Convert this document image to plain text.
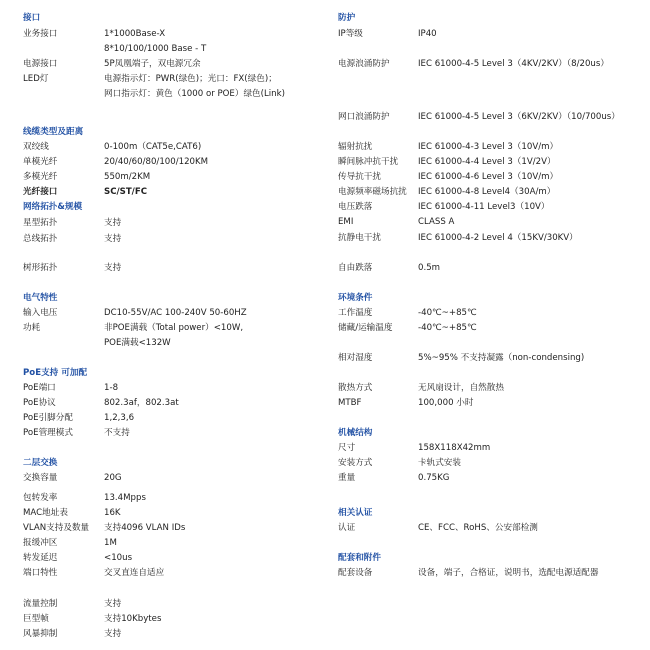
接口
业务接口	1*1000Base-X
8*10/100/1000 Base - T
电源接口	5P凤凰端子，双电源冗余
LED灯	电源指示灯：PWR(绿色)；光口：FX(绿色)；
网口指示灯：黄色（1000 or POE）绿色(Link)
线缆类型及距离
双绞线	0-100m（CAT5e,CAT6)
单模光纤	20/40/60/80/100/120KM
多模光纤	550m/2KM
光纤接口	SC/ST/FC
网络拓扑&规模
星型拓扑	支持
总线拓扑	支持
树形拓扑	支持
电气特性
输入电压	DC10-55V/AC 100-240V 50-60HZ
功耗	非POE满载（Total power）<10W,
POE满载<132W
PoE支持 可加配
PoE端口	1-8
PoE协议	802.3af，802.3at
PoE引脚分配	1,2,3,6
PoE管理模式	不支持
二层交换
交换容量	20G
包转发率	13.4Mpps
MAC地址表	16K
VLAN支持及数量 支持4096 VLAN IDs
报缓冲区	1M
转发延迟	<10us
端口特性	交叉直连自适应
流量控制	支持
巨型帧	支持10Kbytes
风暴抑制	支持
防护
IP等级	IP40
电源浪涌防护	IEC 61000-4-5 Level 3（4KV/2KV）（8/20us）
网口浪涌防护	IEC 61000-4-5 Level 3（6KV/2KV）（10/700us）
辐射抗扰	IEC 61000-4-3 Level 3（10V/m）
瞬间脉冲抗干扰 IEC 61000-4-4 Level 3（1V/2V）
传导抗干扰	IEC 61000-4-6 Level 3（10V/m）
电源频率磁场抗扰 IEC 61000-4-8 Level4（30A/m）
电压跌落	IEC 61000-4-11 Level3（10V）
EMI	CLASS A
抗静电干扰	IEC 61000-4-2 Level 4（15KV/30KV）
自由跌落	0.5m
环境条件
工作温度	-40℃~+85℃
储藏/运输温度	-40℃~+85℃
相对湿度	5%~95% 不支持凝露（non-condensing)
散热方式	无风扇设计，自然散热
MTBF	100,000 小时
机械结构
尺寸	158X118X42mm
安装方式	卡轨式安装
重量	0.75KG
相关认证
认证	CE、FCC、RoHS、公安部检测
配套和附件
配套设备	设备，端子，合格证，说明书，选配电源适配器
